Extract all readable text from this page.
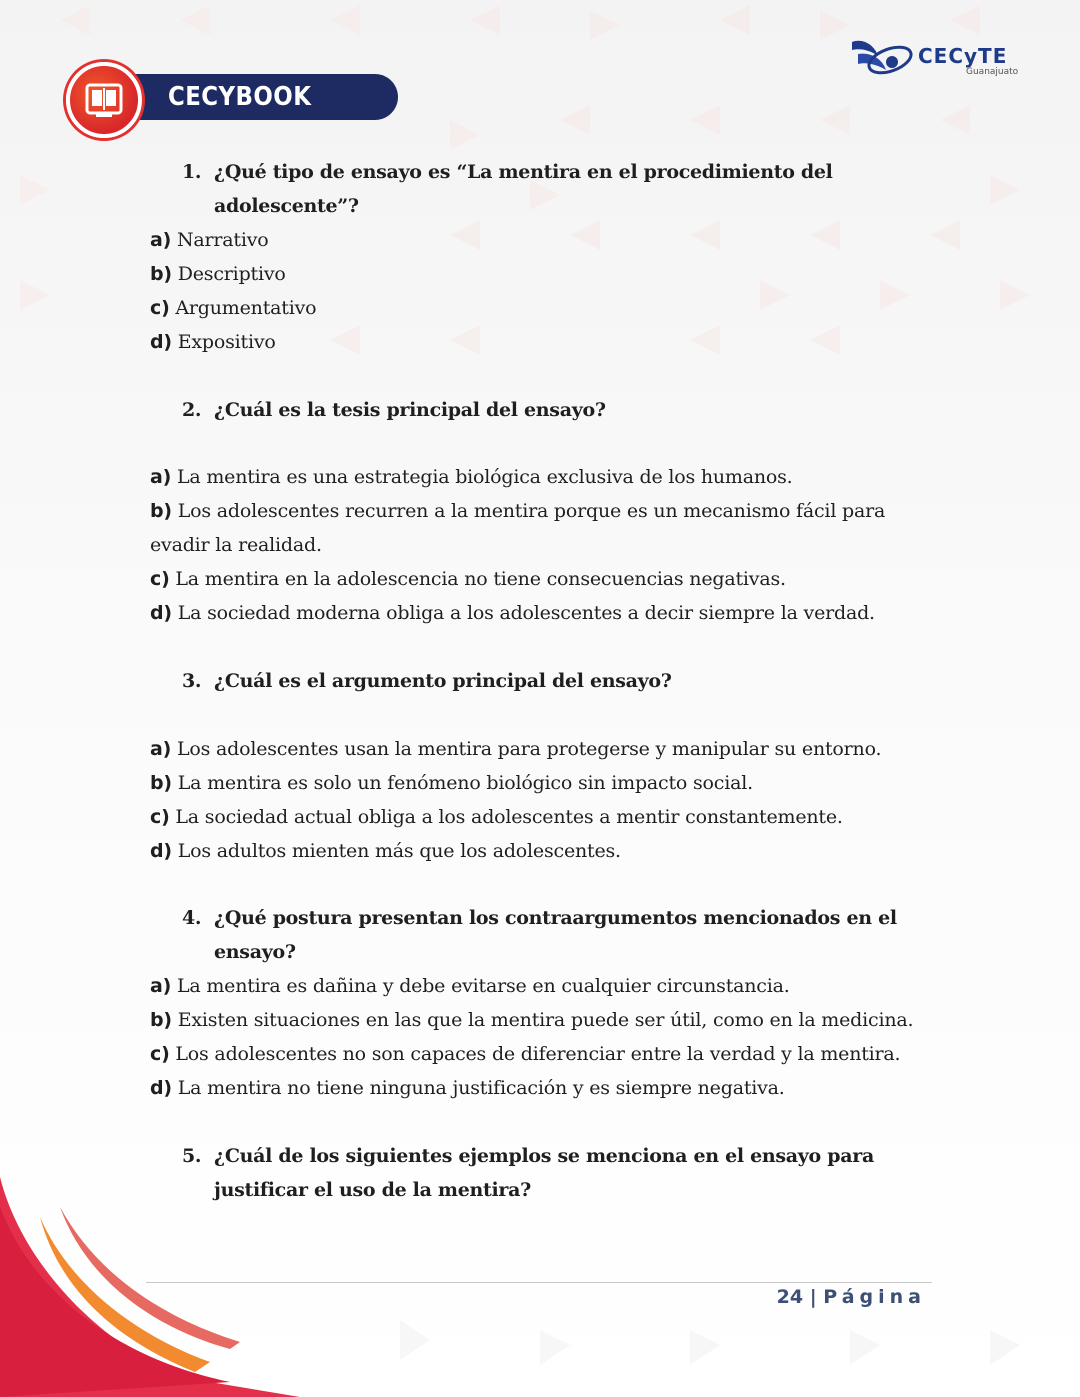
CECYBOOK
CECyTE
Guanajuato
1. ¿Qué tipo de ensayo es “La mentira en el procedimiento del adolescente”?
a) Narrativo
b) Descriptivo
c) Argumentativo
d) Expositivo
2. ¿Cuál es la tesis principal del ensayo?
a) La mentira es una estrategia biológica exclusiva de los humanos.
b) Los adolescentes recurren a la mentira porque es un mecanismo fácil para evadir la realidad.
c) La mentira en la adolescencia no tiene consecuencias negativas.
d) La sociedad moderna obliga a los adolescentes a decir siempre la verdad.
3. ¿Cuál es el argumento principal del ensayo?
a) Los adolescentes usan la mentira para protegerse y manipular su entorno.
b) La mentira es solo un fenómeno biológico sin impacto social.
c) La sociedad actual obliga a los adolescentes a mentir constantemente.
d) Los adultos mienten más que los adolescentes.
4. ¿Qué postura presentan los contraargumentos mencionados en el ensayo?
a) La mentira es dañina y debe evitarse en cualquier circunstancia.
b) Existen situaciones en las que la mentira puede ser útil, como en la medicina.
c) Los adolescentes no son capaces de diferenciar entre la verdad y la mentira.
d) La mentira no tiene ninguna justificación y es siempre negativa.
5. ¿Cuál de los siguientes ejemplos se menciona en el ensayo para justificar el uso de la mentira?
24 | Página
